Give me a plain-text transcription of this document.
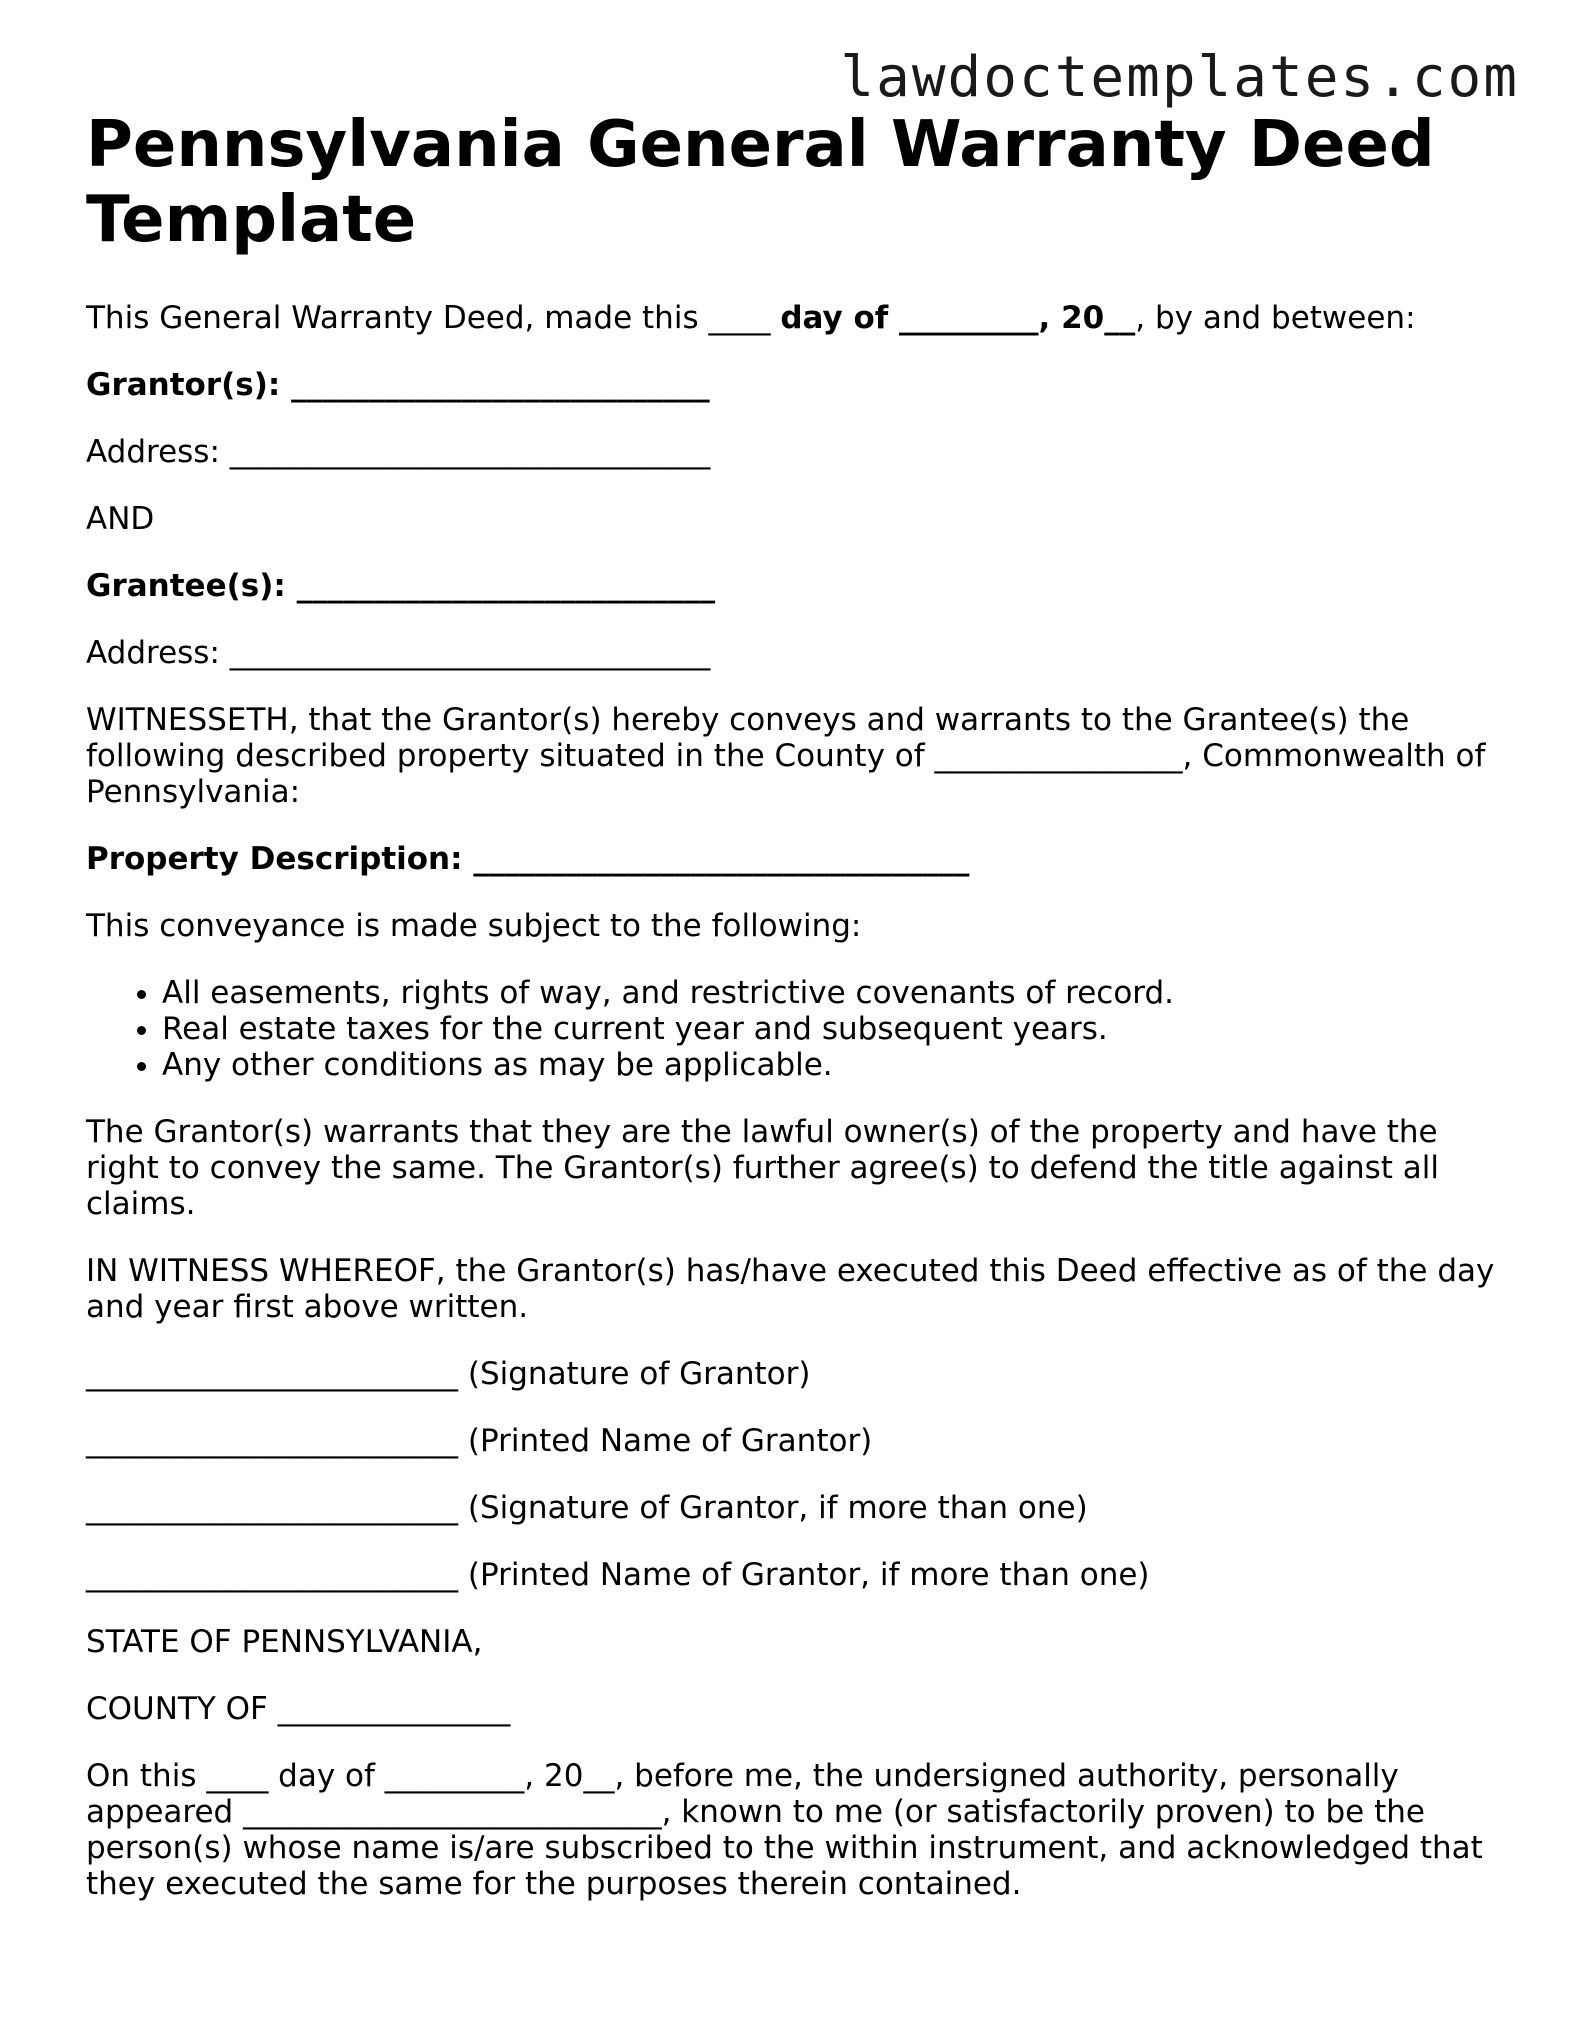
lawdoctemplates.com
Pennsylvania General Warranty Deed Template

This General Warranty Deed, made this ____ day of _________, 20__, by and between:

Grantor(s): ___________________________

Address: _______________________________

AND

Grantee(s): ___________________________

Address: _______________________________

WITNESSETH, that the Grantor(s) hereby conveys and warrants to the Grantee(s) the following described property situated in the County of ________________, Commonwealth of Pennsylvania:

Property Description: ________________________________

This conveyance is made subject to the following:

• All easements, rights of way, and restrictive covenants of record.
• Real estate taxes for the current year and subsequent years.
• Any other conditions as may be applicable.

The Grantor(s) warrants that they are the lawful owner(s) of the property and have the right to convey the same. The Grantor(s) further agree(s) to defend the title against all claims.

IN WITNESS WHEREOF, the Grantor(s) has/have executed this Deed effective as of the day and year first above written.

________________________ (Signature of Grantor)

________________________ (Printed Name of Grantor)

________________________ (Signature of Grantor, if more than one)

________________________ (Printed Name of Grantor, if more than one)

STATE OF PENNSYLVANIA,

COUNTY OF _______________

On this ____ day of _________, 20__, before me, the undersigned authority, personally appeared ___________________________, known to me (or satisfactorily proven) to be the person(s) whose name is/are subscribed to the within instrument, and acknowledged that they executed the same for the purposes therein contained.
